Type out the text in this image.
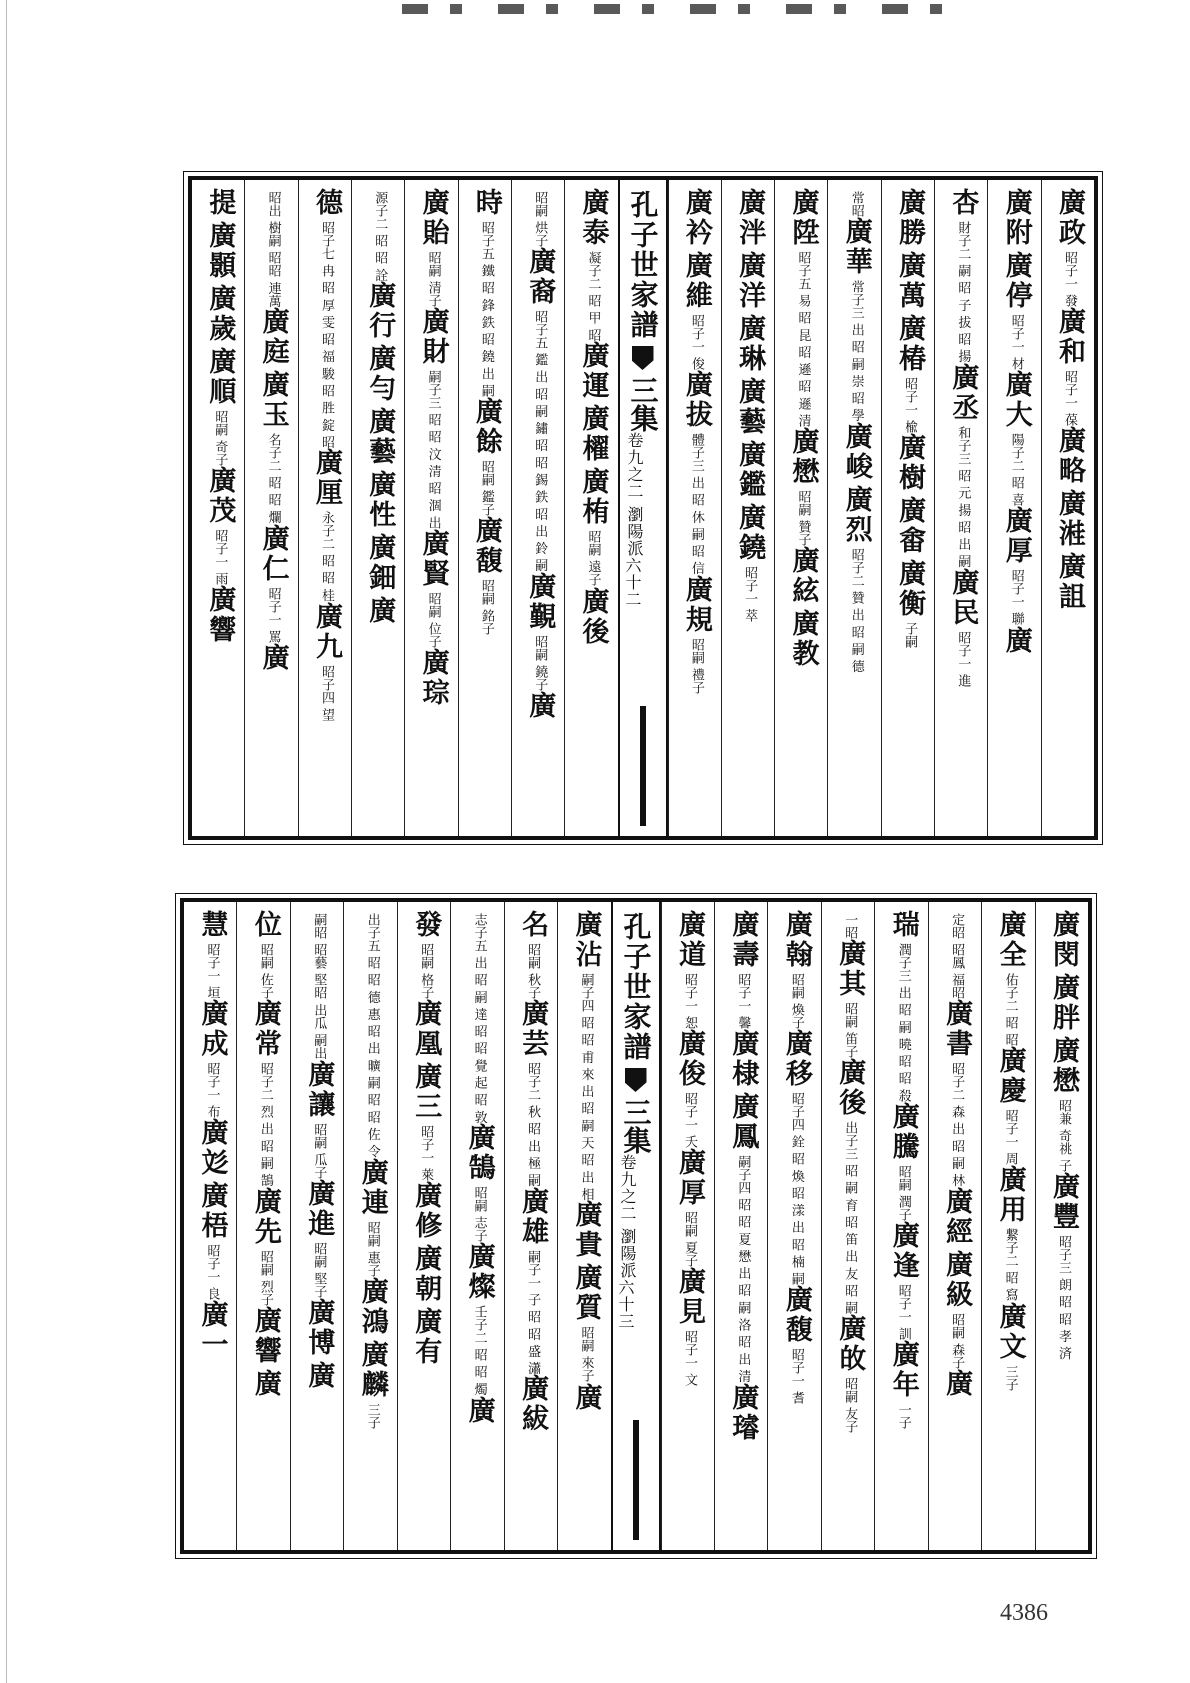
廣政昭子一 發廣和昭子一 葆廣略廣溎廣詛
廣附廣停昭子一 材廣大陽子二 昭 喜廣厚昭子一 聯廣
杏財子二 嗣 昭 子 拔 昭 揚廣丞和子三 昭 元 揚 昭 出 嗣廣民昭子一 進
廣勝廣萬廣椿昭子一 楡廣樹廣畬廣衡子嗣
常昭廣華常子三 出 昭 嗣 崇 昭 學廣峻廣烈昭子二 贊 出 昭 嗣 德
廣陞昭子五 易 昭 昆 昭 遜 昭 遜 清廣懋昭嗣 贊子廣絃廣教
廣泮廣洋廣琳廣藝廣鑑廣鐃昭子一 萃
廣衿廣維昭子一 俊廣拔體子三 出 昭 休 嗣 昭 信廣規昭嗣 禮子
孔子世家譜
三集
卷九之二 瀏陽派
六十二
廣泰凝子二 昭 甲 昭廣運廣櫂廣栯昭嗣 遠子廣後
昭嗣 烘子廣裔昭子五 鑑 出 昭 嗣 鏽 昭 昭 錫 鉄 昭 出 鈴 嗣廣覲昭嗣 鐃子廣
時昭子五 鐵 昭 鋒 鉄 昭 鐃 出 嗣廣餘昭嗣 鑑子廣馥昭嗣 銘子
廣貽昭嗣 清子廣財嗣子三 昭 昭 汶 清 昭 涸 出廣賢昭嗣 位子廣琮
源子二 昭 昭 詮廣行廣勻廣藝廣性廣鈿廣
德昭子七 冉 昭 厚 雯 昭 福 駿 昭 胜 錠 昭廣厘永子二 昭 昭 桂廣九昭子四 望
昭出 樹嗣 昭昭 連萬廣庭廣玉名子二 昭 昭 爛廣仁昭子一 罵廣
提廣顥廣歲廣順昭嗣 奇子廣茂昭子一 雨廣響
廣閔廣胖廣懋昭兼 奇祧 子廣豐昭子三 朗 昭 昭 孝 済
廣全佑子二 昭 昭廣慶昭子一 周廣用繋子二 昭 寫廣文三子
定昭 昭鳳 福昭廣書昭子二 森 出 昭 嗣 林廣經廣級昭嗣 森子廣
瑞潤子三 出 昭 嗣 曉 昭 昭 殺廣騰昭嗣 潤子廣逢昭子一 訓廣年一子
一昭廣其昭嗣 笛子廣後出子三 昭 嗣 育 昭 笛 出 友 昭 嗣廣敀昭嗣 友子
廣翰昭嗣 煥子廣移昭子四 銓 昭 煥 昭 漾 出 昭 楠 嗣廣馥昭子一 耆
廣壽昭子一 馨廣棣廣鳳嗣子四 昭 昭 夏 懋 出 昭 嗣 洛 昭 出 清廣璿
廣道昭子一 恕廣俊昭子一 夭廣厚昭嗣 夏子廣見昭子一 文
孔子世家譜
三集
卷九之二 瀏陽派
六十三
廣沾嗣子四 昭 昭 甫 來 出 昭 嗣 天 昭 出 相廣貴廣質昭嗣 來子廣
名昭嗣 秋子廣芸昭子二 秋 昭 出 極 嗣廣雄嗣子一 子 昭 昭 盛 瀟廣紱
志子五 出 昭 嗣 達 昭 昭 覺 起 昭 敦廣鵠昭嗣 志子廣燦壬子二 昭 昭 燭廣
發昭嗣 格子廣凰廣三昭子一 萊廣修廣朝廣有
出子五 昭 昭 德 惠 昭 出 曠 嗣 昭 昭 佐 令廣連昭嗣 惠子廣鴻廣麟三子
嗣昭 昭藝 堅昭 出瓜 嗣出廣讓昭嗣 瓜子廣進昭嗣 堅子廣博廣
位昭嗣 佐子廣常昭子二 烈 出 昭 嗣 鵠廣先昭嗣 烈子廣響廣
慧昭子一 垣廣成昭子一 布廣彣廣梧昭子一 良廣一
4386
